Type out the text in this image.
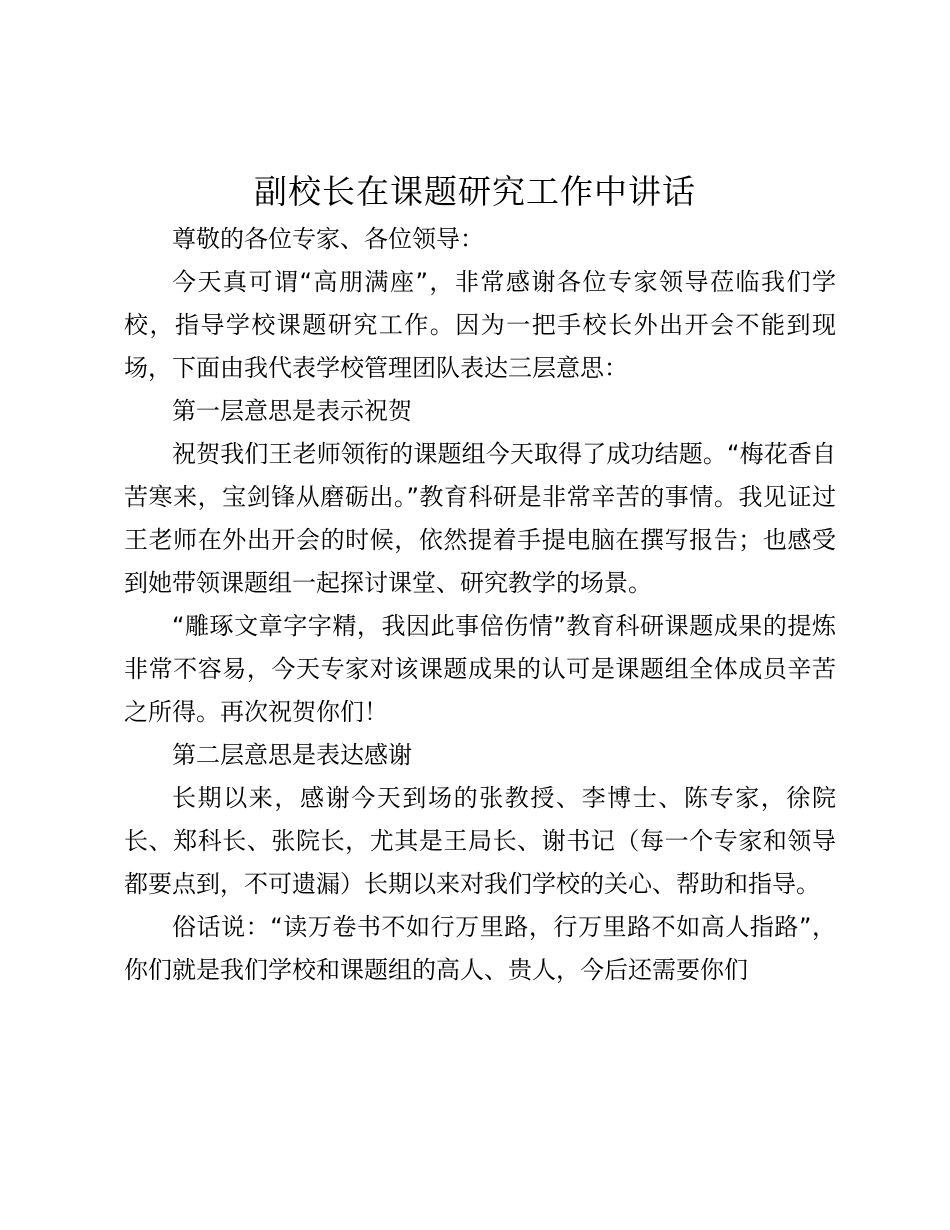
副校长在课题研究工作中讲话

尊敬的各位专家、各位领导：

今天真可谓“高朋满座”，非常感谢各位专家领导莅临我们学校，指导学校课题研究工作。因为一把手校长外出开会不能到现场，下面由我代表学校管理团队表达三层意思：

第一层意思是表示祝贺

祝贺我们王老师领衔的课题组今天取得了成功结题。“梅花香自苦寒来，宝剑锋从磨砺出。”教育科研是非常辛苦的事情。我见证过王老师在外出开会的时候，依然提着手提电脑在撰写报告；也感受到她带领课题组一起探讨课堂、研究教学的场景。

“雕琢文章字字精，我因此事倍伤情”教育科研课题成果的提炼非常不容易，今天专家对该课题成果的认可是课题组全体成员辛苦之所得。再次祝贺你们！

第二层意思是表达感谢

长期以来，感谢今天到场的张教授、李博士、陈专家，徐院长、郑科长、张院长，尤其是王局长、谢书记（每一个专家和领导都要点到，不可遗漏）长期以来对我们学校的关心、帮助和指导。

俗话说：“读万卷书不如行万里路，行万里路不如高人指路”，你们就是我们学校和课题组的高人、贵人，今后还需要你们
